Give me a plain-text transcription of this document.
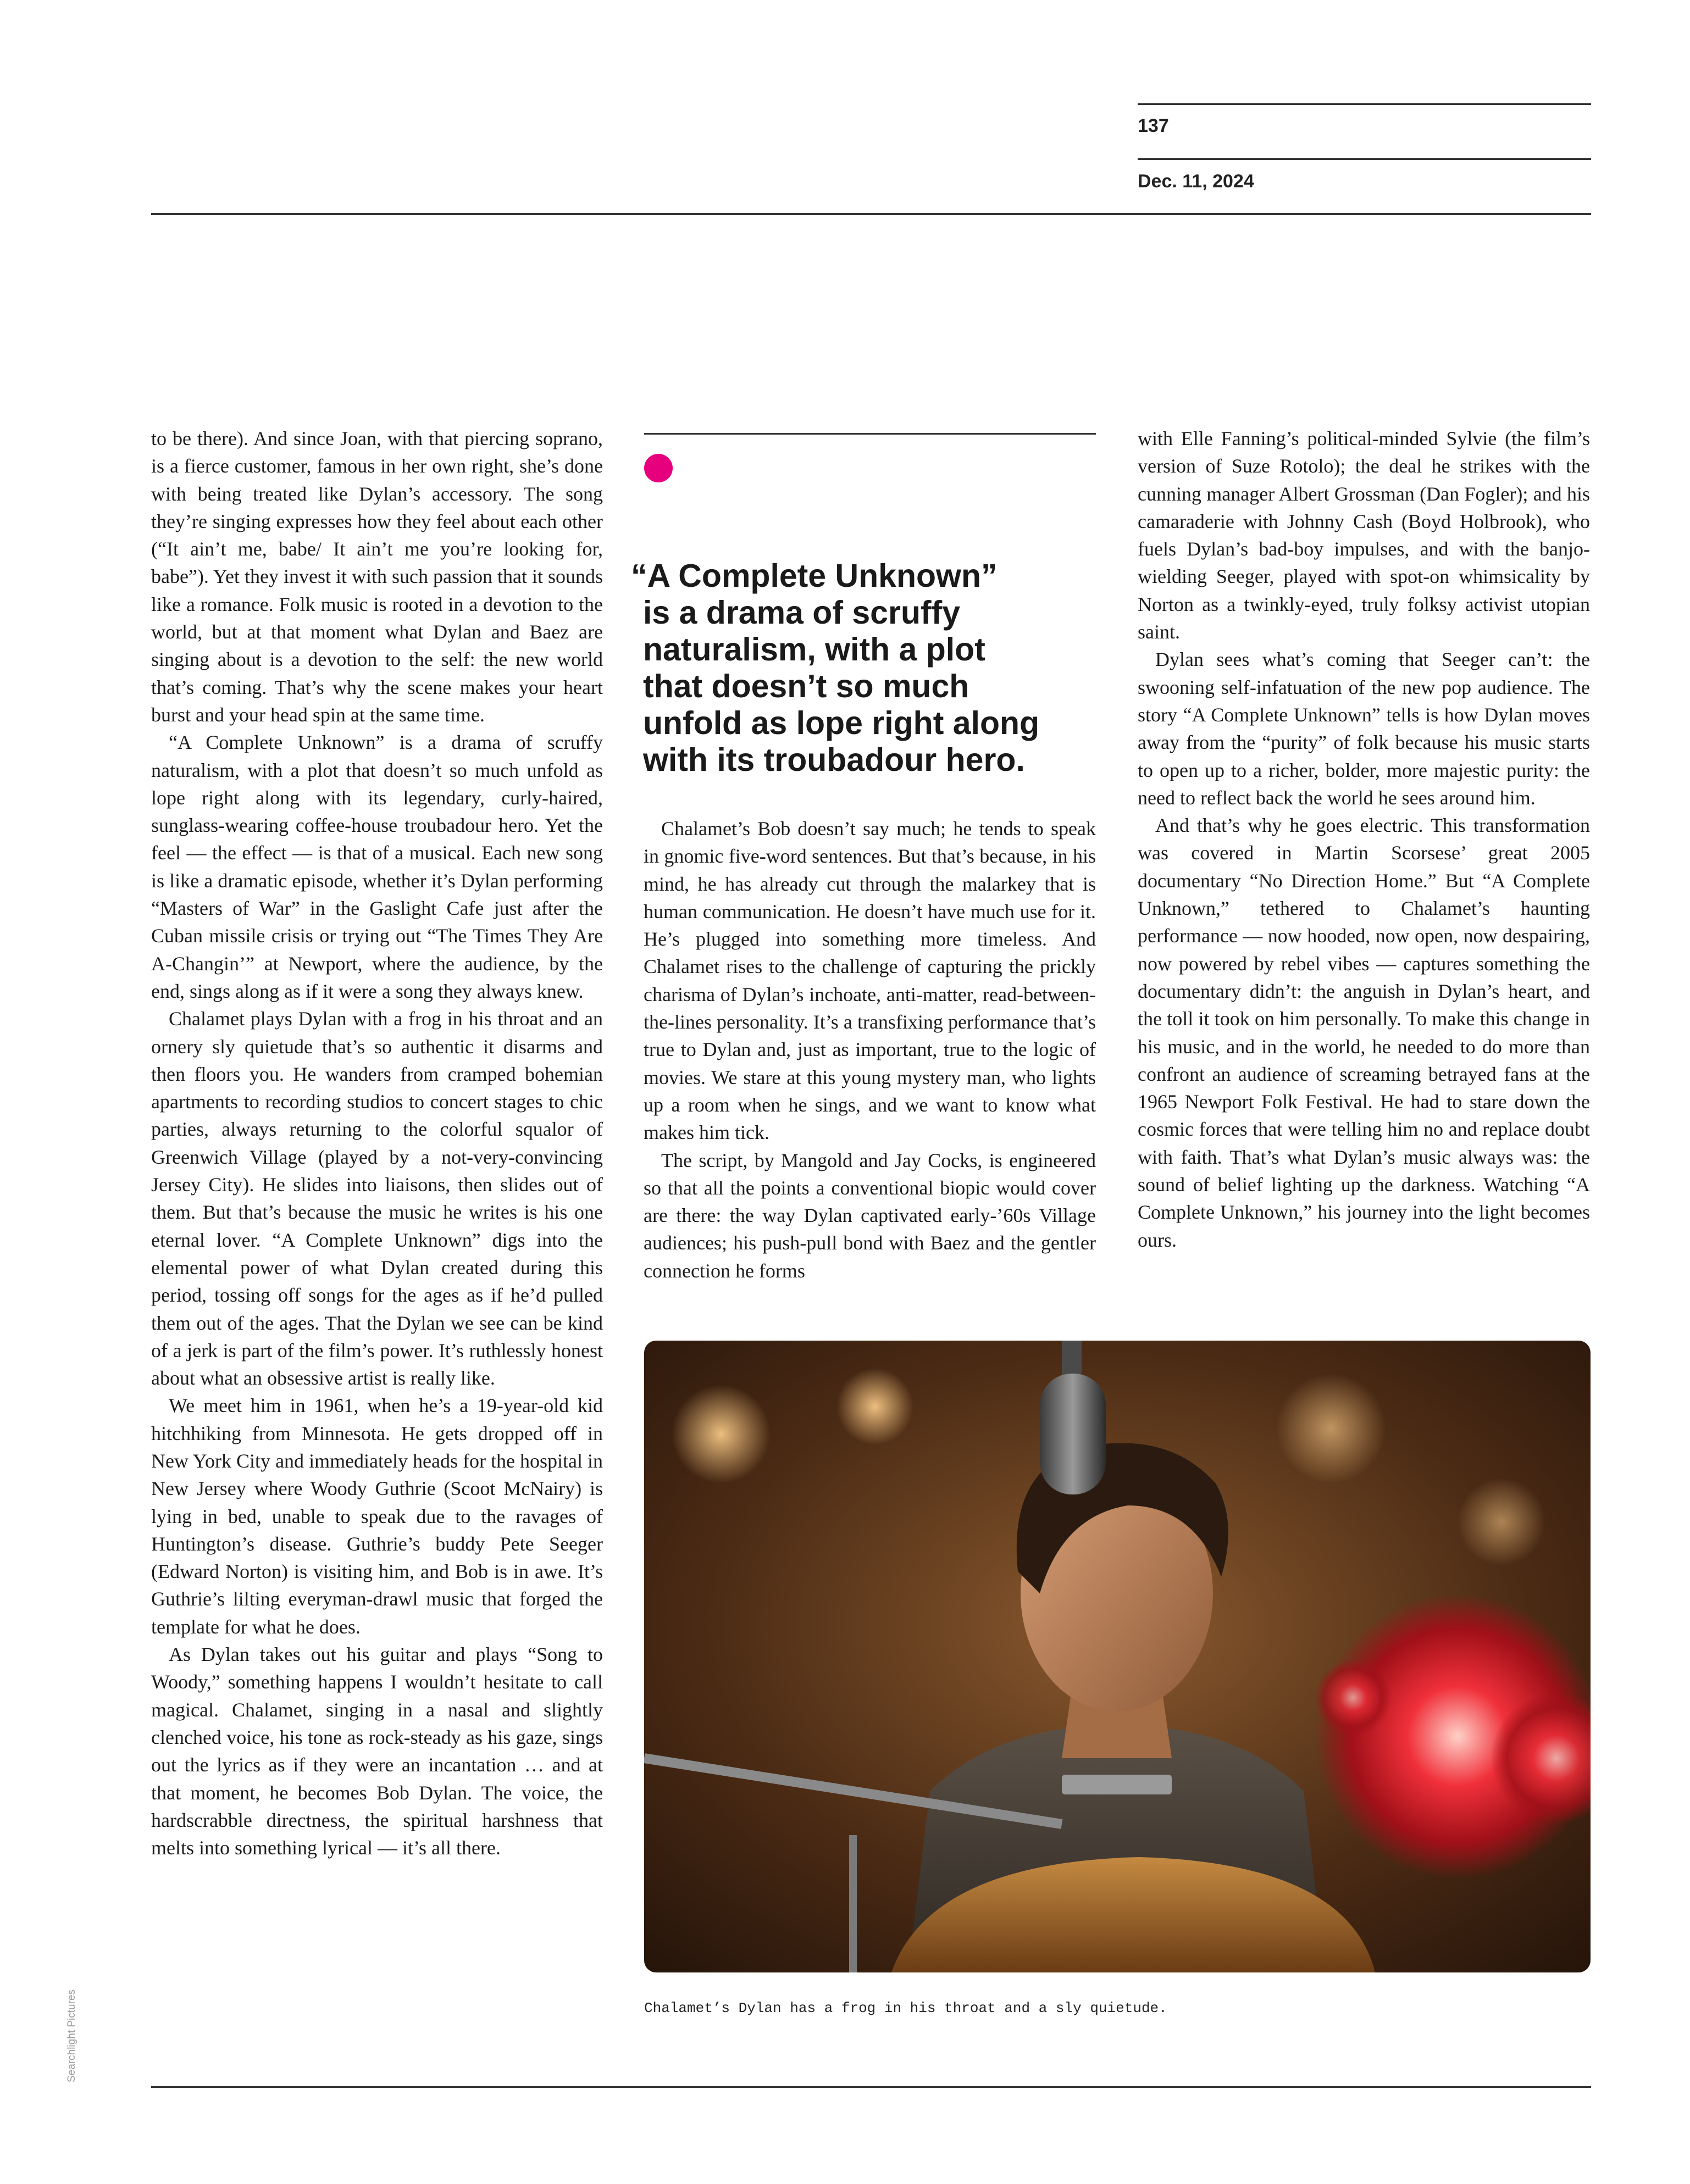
137
Dec. 11, 2024

to be there). And since Joan, with that piercing soprano, is a fierce customer, famous in her own right, she’s done with being treated like Dylan’s accessory. The song they’re singing expresses how they feel about each other (“It ain’t me, babe/ It ain’t me you’re looking for, babe”). Yet they invest it with such passion that it sounds like a romance. Folk music is rooted in a devotion to the world, but at that moment what Dylan and Baez are singing about is a devotion to the self: the new world that’s coming. That’s why the scene makes your heart burst and your head spin at the same time.

“A Complete Unknown” is a drama of scruffy naturalism, with a plot that doesn’t so much unfold as lope right along with its legendary, curly-haired, sunglass-wearing coffee-house troubadour hero. Yet the feel — the effect — is that of a musical. Each new song is like a dramatic episode, whether it’s Dylan performing “Masters of War” in the Gaslight Cafe just after the Cuban missile crisis or trying out “The Times They Are A-Changin’” at Newport, where the audience, by the end, sings along as if it were a song they always knew.

Chalamet plays Dylan with a frog in his throat and an ornery sly quietude that’s so authentic it disarms and then floors you. He wanders from cramped bohemian apartments to recording studios to concert stages to chic parties, always returning to the colorful squalor of Greenwich Village (played by a not-very-convincing Jersey City). He slides into liaisons, then slides out of them. But that’s because the music he writes is his one eternal lover. “A Complete Unknown” digs into the elemental power of what Dylan created during this period, tossing off songs for the ages as if he’d pulled them out of the ages. That the Dylan we see can be kind of a jerk is part of the film’s power. It’s ruthlessly honest about what an obsessive artist is really like.

We meet him in 1961, when he’s a 19-year-old kid hitchhiking from Minnesota. He gets dropped off in New York City and immediately heads for the hospital in New Jersey where Woody Guthrie (Scoot McNairy) is lying in bed, unable to speak due to the ravages of Huntington’s disease. Guthrie’s buddy Pete Seeger (Edward Norton) is visiting him, and Bob is in awe. It’s Guthrie’s lilting everyman-drawl music that forged the template for what he does.

As Dylan takes out his guitar and plays “Song to Woody,” something happens I wouldn’t hesitate to call magical. Chalamet, singing in a nasal and slightly clenched voice, his tone as rock-steady as his gaze, sings out the lyrics as if they were an incantation … and at that moment, he becomes Bob Dylan. The voice, the hardscrabble directness, the spiritual harshness that melts into something lyrical — it’s all there.

“A Complete Unknown”
is a drama of scruffy
naturalism, with a plot
that doesn’t so much
unfold as lope right along
with its troubadour hero.

Chalamet’s Bob doesn’t say much; he tends to speak in gnomic five-word sentences. But that’s because, in his mind, he has already cut through the malarkey that is human communication. He doesn’t have much use for it. He’s plugged into something more timeless. And Chalamet rises to the challenge of capturing the prickly charisma of Dylan’s inchoate, anti-matter, read-between-the-lines personality. It’s a transfixing performance that’s true to Dylan and, just as important, true to the logic of movies. We stare at this young mystery man, who lights up a room when he sings, and we want to know what makes him tick.

The script, by Mangold and Jay Cocks, is engineered so that all the points a conventional biopic would cover are there: the way Dylan captivated early-’60s Village audiences; his push-pull bond with Baez and the gentler connection he forms

with Elle Fanning’s political-minded Sylvie (the film’s version of Suze Rotolo); the deal he strikes with the cunning manager Albert Grossman (Dan Fogler); and his camaraderie with Johnny Cash (Boyd Holbrook), who fuels Dylan’s bad-boy impulses, and with the banjo-wielding Seeger, played with spot-on whimsicality by Norton as a twinkly-eyed, truly folksy activist utopian saint.

Dylan sees what’s coming that Seeger can’t: the swooning self-infatuation of the new pop audience. The story “A Complete Unknown” tells is how Dylan moves away from the “purity” of folk because his music starts to open up to a richer, bolder, more majestic purity: the need to reflect back the world he sees around him.

And that’s why he goes electric. This transformation was covered in Martin Scorsese’ great 2005 documentary “No Direction Home.” But “A Complete Unknown,” tethered to Chalamet’s haunting performance — now hooded, now open, now despairing, now powered by rebel vibes — captures something the documentary didn’t: the anguish in Dylan’s heart, and the toll it took on him personally. To make this change in his music, and in the world, he needed to do more than confront an audience of screaming betrayed fans at the 1965 Newport Folk Festival. He had to stare down the cosmic forces that were telling him no and replace doubt with faith. That’s what Dylan’s music always was: the sound of belief lighting up the darkness. Watching “A Complete Unknown,” his journey into the light becomes ours.

Chalamet’s Dylan has a frog in his throat and a sly quietude.
Searchlight Pictures
